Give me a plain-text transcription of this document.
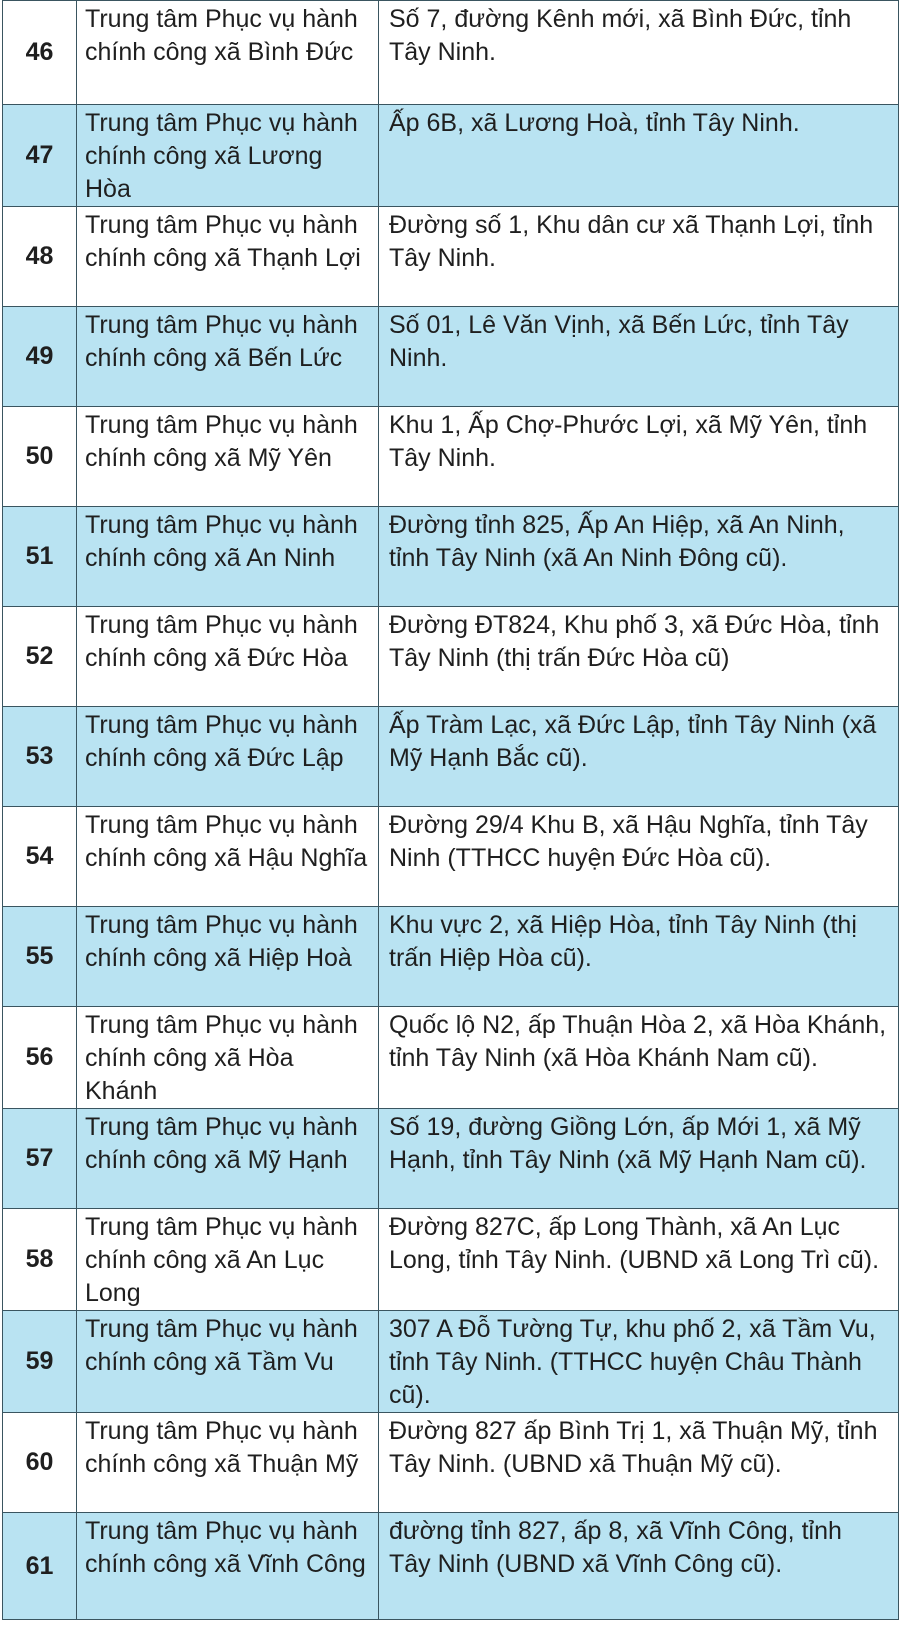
46	Trung tâm Phục vụ hành chính công xã Bình Đức	Số 7, đường Kênh mới, xã Bình Đức, tỉnh Tây Ninh.
47	Trung tâm Phục vụ hành chính công xã Lương Hòa	Ấp 6B, xã Lương Hoà, tỉnh Tây Ninh.
48	Trung tâm Phục vụ hành chính công xã Thạnh Lợi	Đường số 1, Khu dân cư xã Thạnh Lợi, tỉnh Tây Ninh.
49	Trung tâm Phục vụ hành chính công xã Bến Lức	Số 01, Lê Văn Vịnh, xã Bến Lức, tỉnh Tây Ninh.
50	Trung tâm Phục vụ hành chính công xã Mỹ Yên	Khu 1, Ấp Chợ-Phước Lợi, xã Mỹ Yên, tỉnh Tây Ninh.
51	Trung tâm Phục vụ hành chính công xã An Ninh	Đường tỉnh 825, Ấp An Hiệp, xã An Ninh, tỉnh Tây Ninh (xã An Ninh Đông cũ).
52	Trung tâm Phục vụ hành chính công xã Đức Hòa	Đường ĐT824, Khu phố 3, xã Đức Hòa, tỉnh Tây Ninh (thị trấn Đức Hòa cũ)
53	Trung tâm Phục vụ hành chính công xã Đức Lập	Ấp Tràm Lạc, xã Đức Lập, tỉnh Tây Ninh (xã Mỹ Hạnh Bắc cũ).
54	Trung tâm Phục vụ hành chính công xã Hậu Nghĩa	Đường 29/4 Khu B, xã Hậu Nghĩa, tỉnh Tây Ninh (TTHCC huyện Đức Hòa cũ).
55	Trung tâm Phục vụ hành chính công xã Hiệp Hoà	Khu vực 2, xã Hiệp Hòa, tỉnh Tây Ninh (thị trấn Hiệp Hòa cũ).
56	Trung tâm Phục vụ hành chính công xã Hòa Khánh	Quốc lộ N2, ấp Thuận Hòa 2, xã Hòa Khánh, tỉnh Tây Ninh (xã Hòa Khánh Nam cũ).
57	Trung tâm Phục vụ hành chính công xã Mỹ Hạnh	Số 19, đường Giồng Lớn, ấp Mới 1, xã Mỹ Hạnh, tỉnh Tây Ninh (xã Mỹ Hạnh Nam cũ).
58	Trung tâm Phục vụ hành chính công xã An Lục Long	Đường 827C, ấp Long Thành, xã An Lục Long, tỉnh Tây Ninh. (UBND xã Long Trì cũ).
59	Trung tâm Phục vụ hành chính công xã Tầm Vu	307 A Đỗ Tường Tự, khu phố 2, xã Tầm Vu, tỉnh Tây Ninh. (TTHCC huyện Châu Thành cũ).
60	Trung tâm Phục vụ hành chính công xã Thuận Mỹ	Đường 827 ấp Bình Trị 1, xã Thuận Mỹ, tỉnh Tây Ninh. (UBND xã Thuận Mỹ cũ).
61	Trung tâm Phục vụ hành chính công xã Vĩnh Công	đường tỉnh 827, ấp 8, xã Vĩnh Công, tỉnh Tây Ninh (UBND xã Vĩnh Công cũ).
